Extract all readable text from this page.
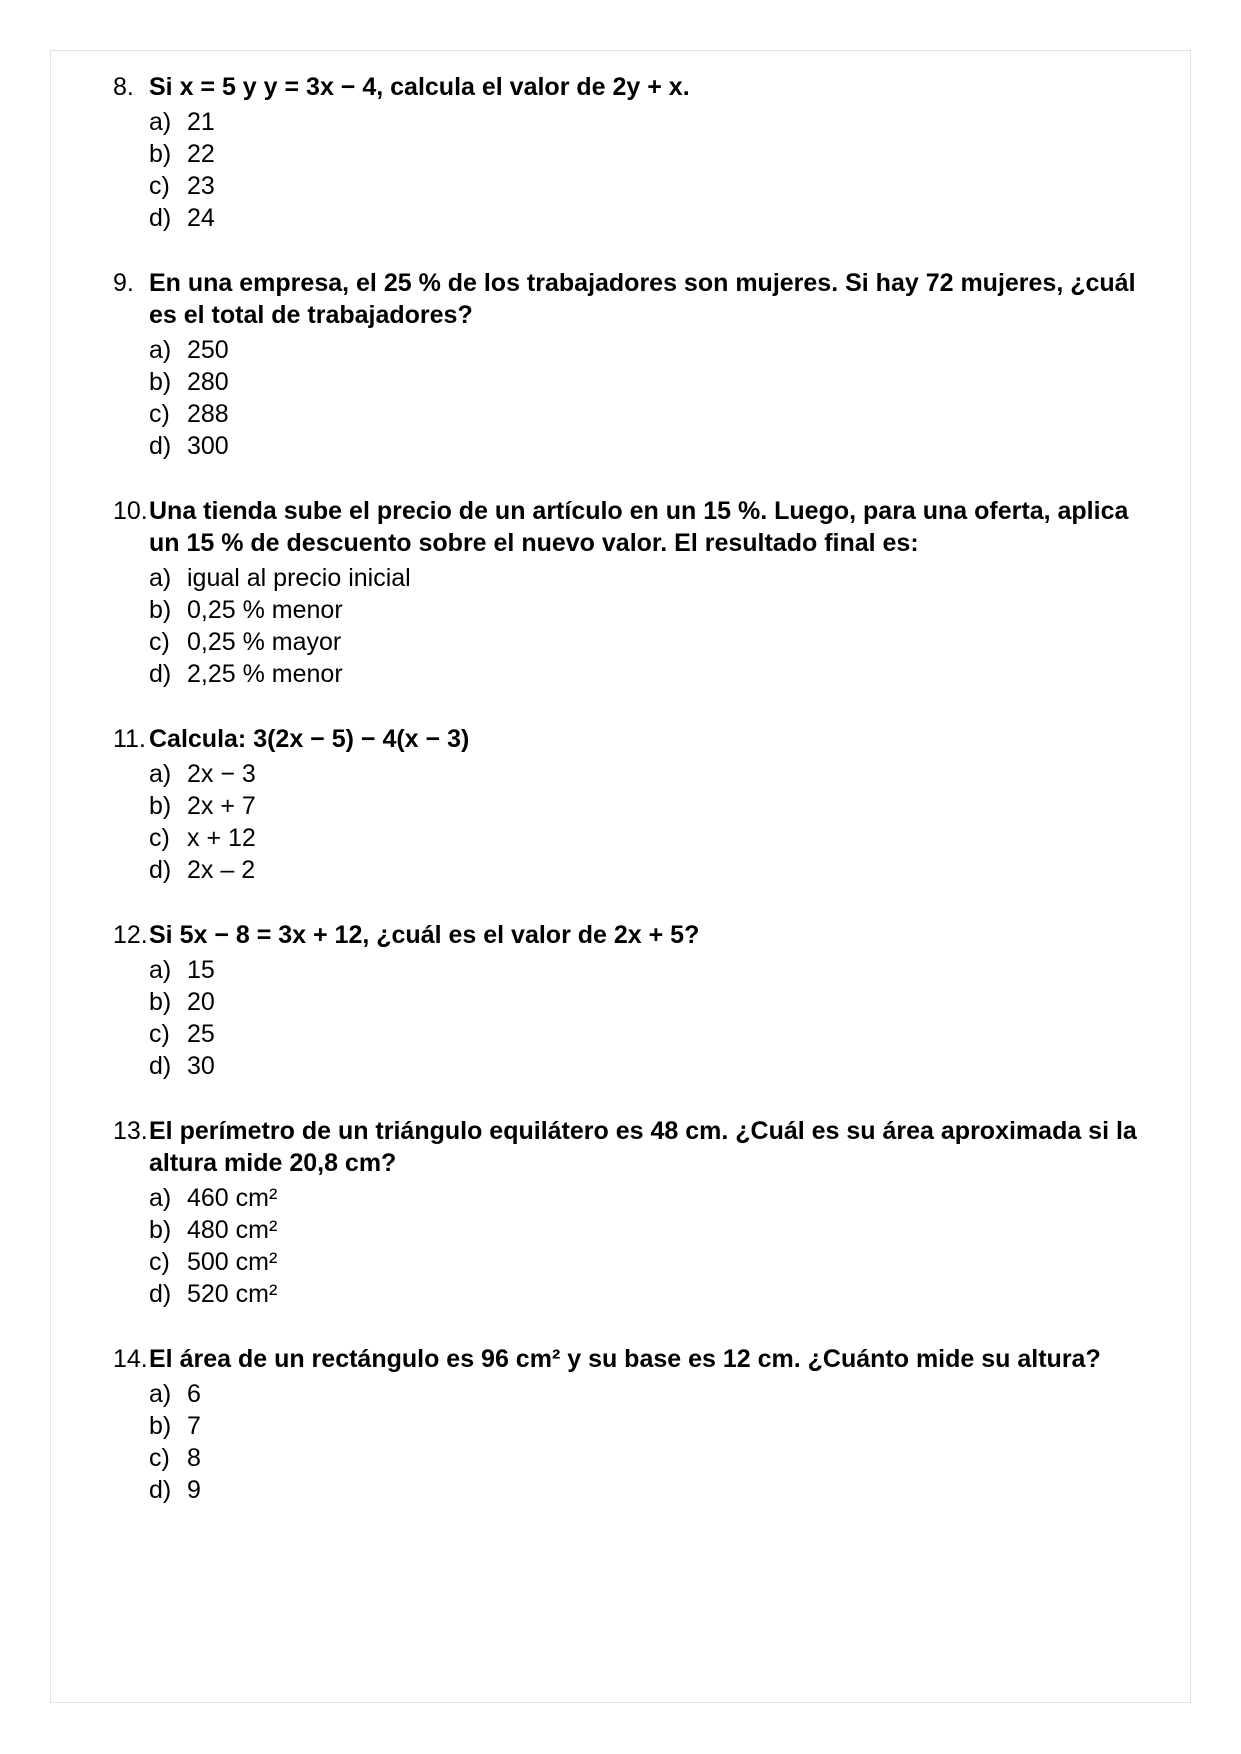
8. Si x = 5 y y = 3x − 4, calcula el valor de 2y + x.

a) 21
b) 22
c) 23
d) 24

9. En una empresa, el 25 % de los trabajadores son mujeres. Si hay 72 mujeres, ¿cuál es el total de trabajadores?

a) 250
b) 280
c) 288
d) 300

10.Una tienda sube el precio de un artículo en un 15 %. Luego, para una oferta, aplica un 15 % de descuento sobre el nuevo valor. El resultado final es:

a) igual al precio inicial
b) 0,25 % menor
c) 0,25 % mayor
d) 2,25 % menor

11. Calcula: 3(2x − 5) − 4(x − 3)

a) 2x − 3
b) 2x + 7
c) x + 12
d) 2x – 2

12.Si 5x − 8 = 3x + 12, ¿cuál es el valor de 2x + 5?

a) 15
b) 20
c) 25
d) 30

13.El perímetro de un triángulo equilátero es 48 cm. ¿Cuál es su área aproximada si la altura mide 20,8 cm?

a) 460 cm²
b) 480 cm²
c) 500 cm²
d) 520 cm²

14.El área de un rectángulo es 96 cm² y su base es 12 cm. ¿Cuánto mide su altura?

a) 6
b) 7
c) 8
d) 9
